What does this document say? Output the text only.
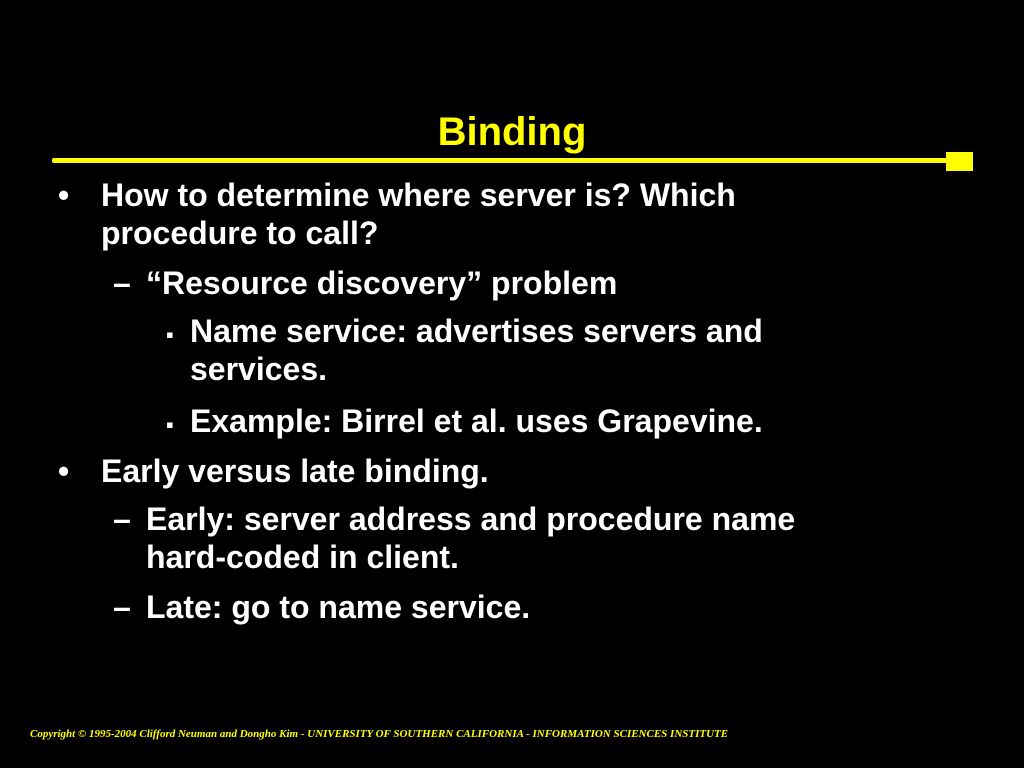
Binding
• How to determine where server is? Which
procedure to call?
– “Resource discovery” problem
▪ Name service: advertises servers and
services.
▪ Example: Birrel et al. uses Grapevine.
• Early versus late binding.
– Early: server address and procedure name
hard-coded in client.
– Late: go to name service.
Copyright © 1995-2004 Clifford Neuman and Dongho Kim - UNIVERSITY OF SOUTHERN CALIFORNIA - INFORMATION SCIENCES INSTITUTE
